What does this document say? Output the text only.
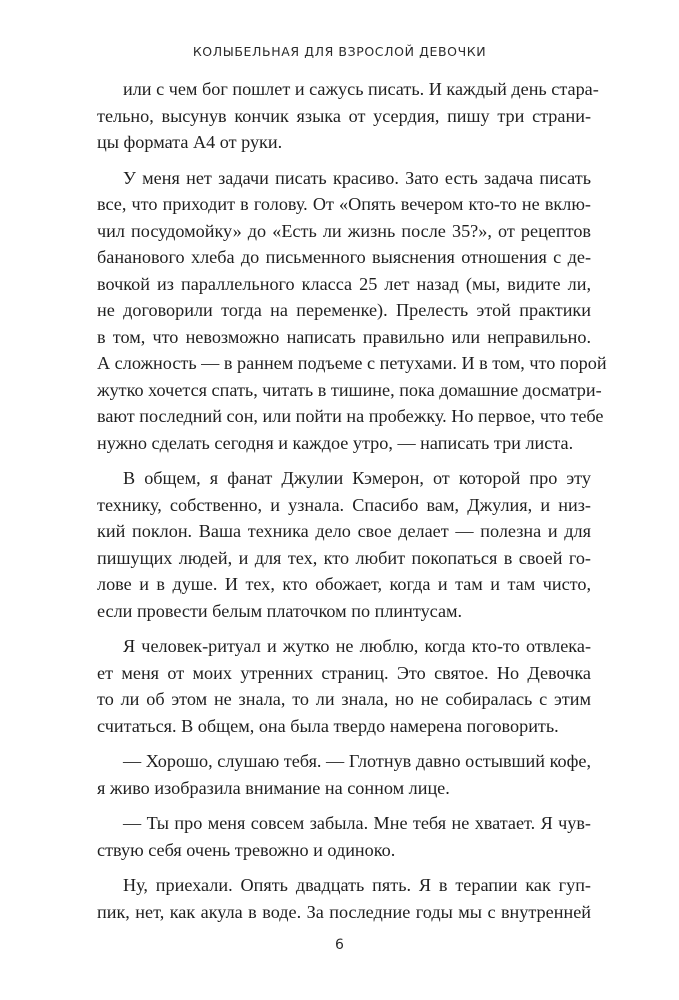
КОЛЫБЕЛЬНАЯ ДЛЯ ВЗРОСЛОЙ ДЕВОЧКИ
или с чем бог пошлет и сажусь писать. И каждый день стара-
тельно, высунув кончик языка от усердия, пишу три страни-
цы формата А4 от руки.
У меня нет задачи писать красиво. Зато есть задача писать
все, что приходит в голову. От «Опять вечером кто-то не вклю-
чил посудомойку» до «Есть ли жизнь после 35?», от рецептов
бананового хлеба до письменного выяснения отношения с де-
вочкой из параллельного класса 25 лет назад (мы, видите ли,
не договорили тогда на переменке). Прелесть этой практики
в том, что невозможно написать правильно или неправильно.
А сложность — в раннем подъеме с петухами. И в том, что порой
жутко хочется спать, читать в тишине, пока домашние досматри-
вают последний сон, или пойти на пробежку. Но первое, что тебе
нужно сделать сегодня и каждое утро, — написать три листа.
В общем, я фанат Джулии Кэмерон, от которой про эту
технику, собственно, и узнала. Спасибо вам, Джулия, и низ-
кий поклон. Ваша техника дело свое делает — полезна и для
пишущих людей, и для тех, кто любит покопаться в своей го-
лове и в душе. И тех, кто обожает, когда и там и там чисто,
если провести белым платочком по плинтусам.
Я человек-ритуал и жутко не люблю, когда кто-то отвлека-
ет меня от моих утренних страниц. Это святое. Но Девочка
то ли об этом не знала, то ли знала, но не собиралась с этим
считаться. В общем, она была твердо намерена поговорить.
— Хорошо, слушаю тебя. — Глотнув давно остывший кофе,
я живо изобразила внимание на сонном лице.
— Ты про меня совсем забыла. Мне тебя не хватает. Я чув-
ствую себя очень тревожно и одиноко.
Ну, приехали. Опять двадцать пять. Я в терапии как гуп-
пик, нет, как акула в воде. За последние годы мы с внутренней
6
